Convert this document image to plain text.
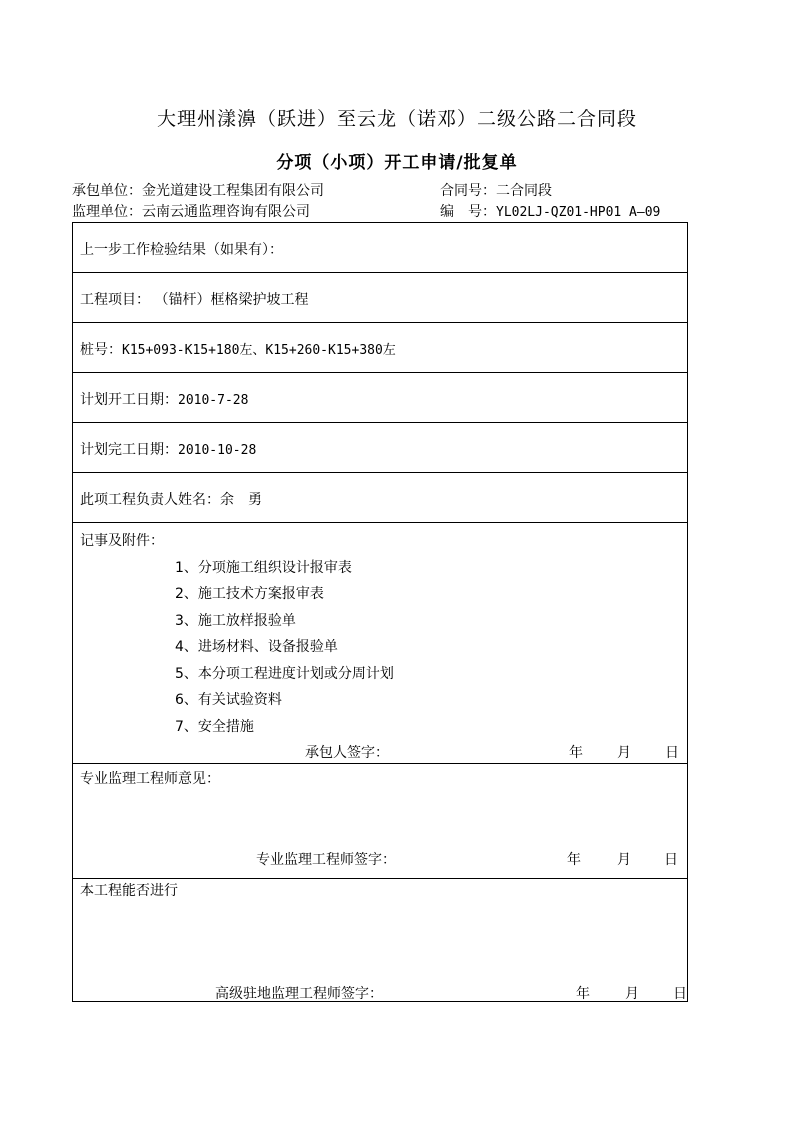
大理州漾濞（跃进）至云龙（诺邓）二级公路二合同段
分项（小项）开工申请/批复单
承包单位：金光道建设工程集团有限公司	合同号：二合同段
监理单位：云南云通监理咨询有限公司	编　号：YL02LJ-QZ01-HP01 A—09
上一步工作检验结果（如果有）：
工程项目： （锚杆）框格梁护坡工程
桩号：K15+093-K15+180左、K15+260-K15+380左
计划开工日期：2010-7-28
计划完工日期：2010-10-28
此项工程负责人姓名：余　勇
记事及附件：
1、分项施工组织设计报审表
2、施工技术方案报审表
3、施工放样报验单
4、进场材料、设备报验单
5、本分项工程进度计划或分周计划
6、有关试验资料
7、安全措施
承包人签字：	年 月 日
专业监理工程师意见：
专业监理工程师签字：	年	月 日
本工程能否进行
高级驻地监理工程师签字：	年	月 日
